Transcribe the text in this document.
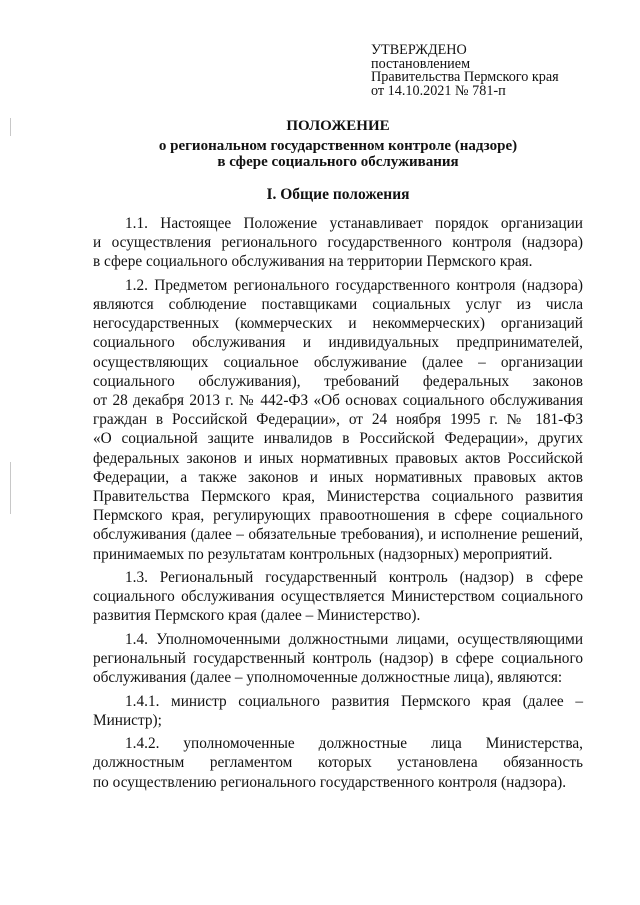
УТВЕРЖДЕНО
постановлением
Правительства Пермского края
от 14.10.2021 № 781-п
ПОЛОЖЕНИЕ
о региональном государственном контроле (надзоре)
в сфере социального обслуживания
I. Общие положения
1.1. Настоящее Положение устанавливает порядок организации
и осуществления регионального государственного контроля (надзора)
в сфере социального обслуживания на территории Пермского края.
1.2. Предметом регионального государственного контроля (надзора)
являются соблюдение поставщиками социальных услуг из числа
негосударственных (коммерческих и некоммерческих) организаций
социального обслуживания и индивидуальных предпринимателей,
осуществляющих социальное обслуживание (далее – организации
социального обслуживания), требований федеральных законов
от 28 декабря 2013 г. № 442-ФЗ «Об основах социального обслуживания
граждан в Российской Федерации», от 24 ноября 1995 г. № 181-ФЗ
«О социальной защите инвалидов в Российской Федерации», других
федеральных законов и иных нормативных правовых актов Российской
Федерации, а также законов и иных нормативных правовых актов
Правительства Пермского края, Министерства социального развития
Пермского края, регулирующих правоотношения в сфере социального
обслуживания (далее – обязательные требования), и исполнение решений,
принимаемых по результатам контрольных (надзорных) мероприятий.
1.3. Региональный государственный контроль (надзор) в сфере
социального обслуживания осуществляется Министерством социального
развития Пермского края (далее – Министерство).
1.4. Уполномоченными должностными лицами, осуществляющими
региональный государственный контроль (надзор) в сфере социального
обслуживания (далее – уполномоченные должностные лица), являются:
1.4.1. министр социального развития Пермского края (далее –
Министр);
1.4.2. уполномоченные должностные лица Министерства,
должностным регламентом которых установлена обязанность
по осуществлению регионального государственного контроля (надзора).
